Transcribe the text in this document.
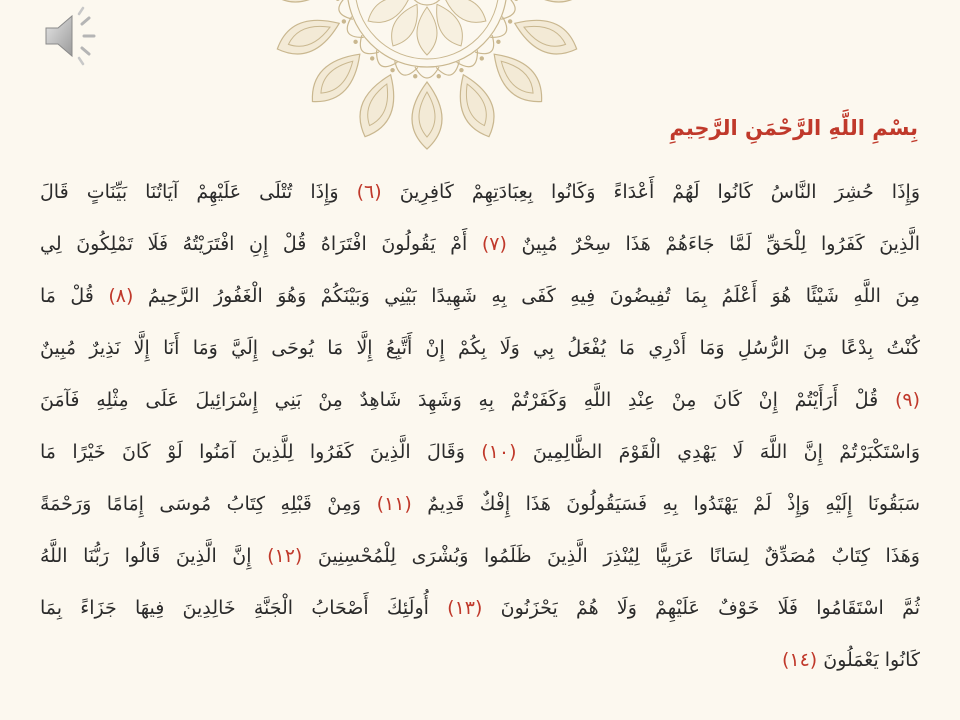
بِسْمِ اللَّهِ الرَّحْمَنِ الرَّحِيمِ
وَإِذَا حُشِرَ النَّاسُ كَانُوا لَهُمْ أَعْدَاءً وَكَانُوا بِعِبَادَتِهِمْ كَافِرِينَ (٦) وَإِذَا تُتْلَى عَلَيْهِمْ آيَاتُنَا بَيِّنَاتٍ قَالَ
الَّذِينَ كَفَرُوا لِلْحَقِّ لَمَّا جَاءَهُمْ هَذَا سِحْرٌ مُبِينٌ (٧) أَمْ يَقُولُونَ افْتَرَاهُ قُلْ إِنِ افْتَرَيْتُهُ فَلَا تَمْلِكُونَ لِي
مِنَ اللَّهِ شَيْئًا هُوَ أَعْلَمُ بِمَا تُفِيضُونَ فِيهِ كَفَى بِهِ شَهِيدًا بَيْنِي وَبَيْنَكُمْ وَهُوَ الْغَفُورُ الرَّحِيمُ (٨) قُلْ مَا
كُنْتُ بِدْعًا مِنَ الرُّسُلِ وَمَا أَدْرِي مَا يُفْعَلُ بِي وَلَا بِكُمْ إِنْ أَتَّبِعُ إِلَّا مَا يُوحَى إِلَيَّ وَمَا أَنَا إِلَّا نَذِيرٌ مُبِينٌ
(٩) قُلْ أَرَأَيْتُمْ إِنْ كَانَ مِنْ عِنْدِ اللَّهِ وَكَفَرْتُمْ بِهِ وَشَهِدَ شَاهِدٌ مِنْ بَنِي إِسْرَائِيلَ عَلَى مِثْلِهِ فَآمَنَ
وَاسْتَكْبَرْتُمْ إِنَّ اللَّهَ لَا يَهْدِي الْقَوْمَ الظَّالِمِينَ (١٠) وَقَالَ الَّذِينَ كَفَرُوا لِلَّذِينَ آمَنُوا لَوْ كَانَ خَيْرًا مَا
سَبَقُونَا إِلَيْهِ وَإِذْ لَمْ يَهْتَدُوا بِهِ فَسَيَقُولُونَ هَذَا إِفْكٌ قَدِيمٌ (١١) وَمِنْ قَبْلِهِ كِتَابُ مُوسَى إِمَامًا وَرَحْمَةً
وَهَذَا كِتَابٌ مُصَدِّقٌ لِسَانًا عَرَبِيًّا لِيُنْذِرَ الَّذِينَ ظَلَمُوا وَبُشْرَى لِلْمُحْسِنِينَ (١٢) إِنَّ الَّذِينَ قَالُوا رَبُّنَا اللَّهُ
ثُمَّ اسْتَقَامُوا فَلَا خَوْفٌ عَلَيْهِمْ وَلَا هُمْ يَحْزَنُونَ (١٣) أُولَئِكَ أَصْحَابُ الْجَنَّةِ خَالِدِينَ فِيهَا جَزَاءً بِمَا
كَانُوا يَعْمَلُونَ (١٤)
